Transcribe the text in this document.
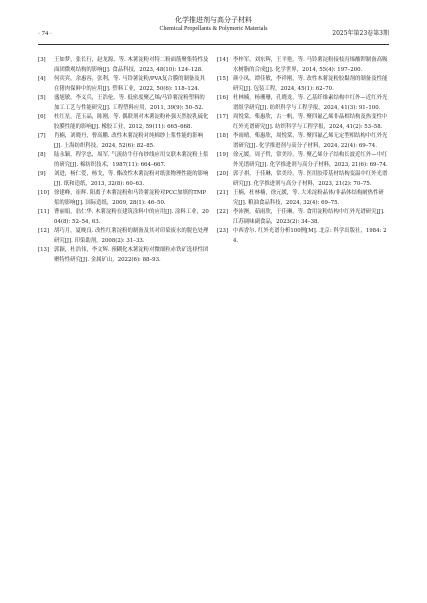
化学推进剂与高分子材料
Chemical Propellants & Polymeric Materials
· 74 ·	2025年第23卷第3期
[3] 王如梦，张长行，赵龙源，等. 木薯淀粉对特二粉面筋聚集特性及面团微观结构的影响[J]. 食品科技，2023, 48(10): 124–128.
[4] 何宾宾，余惠容，张利，等. 马铃薯淀粉/PVA复合膜的制备及其在猪肉保鲜中的应用[J]. 塑料工业，2022, 50(6): 118–124.
[5] 盛旭敏，李义兵，王浩伦，等. 低密度聚乙烯/马铃薯淀粉塑料的加工工艺与性能研究[J]. 工程塑料应用，2011, 39(9): 50–52.
[6] 杜红星，范玉晶，陈刚，等. 偶联剂对木薯淀粉补强天然胶乳硫化胶膜性能的影响[J]. 橡胶工业，2012, 59(11): 665–668.
[7] 肖楠，刘晓丹，曹高鹏. 改性木薯淀粉对纯棉纱上浆性能的影响[J]. 上海纺织科技，2024, 52(6): 82–85.
[8] 陆永颖，程学忠，周军. 气流纺牛仔布纱线应用交联木薯淀粉上浆的研究[J]. 棉纺织技术，1987(11): 664–667.
[9] 刘进，杨仁爱，杨戈，等. 酯改性木薯淀粉对纸张物理性能的影响[J]. 纸和造纸，2013, 32(8): 60–63.
[10] 徐建峰，崔辉. 阳离子木薯淀粉和马铃薯淀粉对PCC加填的TMP浆的影响[J]. 国际造纸，2009, 28(1): 46–50.
[11] 曹丽娟，翁仁华. 木薯淀粉在建筑涂料中的应用[J]. 涂料工业，2004(8): 52–54, 63.
[12] 胡巧月，夏晚良. 改性红薯淀粉的制备及其对印染废水的脱色处理研究[J]. 印染助剂，2008(2): 31–33.
[13] 郭颖，杜浩伟，李文辉. 预糊化木薯淀粉对微细粒赤铁矿选择性团聚特性研究[J]. 金属矿山，2022(6): 88–93.
[14] 李梓军，刘东辉，王平艳，等. 马铃薯淀粉接枝丙烯酸钾制备高吸水树脂的合成[J]. 化学世界，2014, 55(4): 197–200.
[15] 颜小凤，谭佳敏，李祥刚，等. 改性木薯淀粉胶黏剂的制备及性能研究[J]. 包装工程，2024, 45(1): 62–70.
[16] 杜林楠，杨珊珊，孔晓龙，等. 乙基纤维素结构中红外—近红外光谱组学研究[J]. 纺织科学与工程学报，2024, 41(3): 91–100.
[17] 周悦棠，柴惠欣，古一帆，等. 聚四氟乙烯非晶相结构及热变性中红外光谱研究[J]. 纺织科学与工程学报，2024, 41(2): 53–58.
[18] 李雨晴，柴惠欣，周悦棠，等. 聚四氟乙烯无定型相结构中红外光谱研究[J]. 化学推进剂与高分子材料，2024, 22(4): 69–74.
[19] 徐元媛，周子哲，常美玲，等. 聚乙烯分子结构长波近红外—中红外光谱研究[J]. 化学推进剂与高分子材料，2023, 21(6): 69–74.
[20] 郭子祺，于佳琳，常美玲，等. 医用胶带基材结构变温中红外光谱研究[J]. 化学推进剂与高分子材料，2023, 21(2): 70–75.
[21] 王楠，杜林楠，徐元媛，等. 大米淀粉晶体/非晶体结构耐热性研究[J]. 粮油食品科技，2024, 32(4): 69–75.
[22] 李沛澳，茹雨欣，于佳琳，等. 食用淀粉结构中红外光谱研究[J]. 江苏调味副食品，2023(2): 34–38.
[23] 中西香尔. 红外光谱分析100例[M]. 北京: 科学出版社，1984: 24.
